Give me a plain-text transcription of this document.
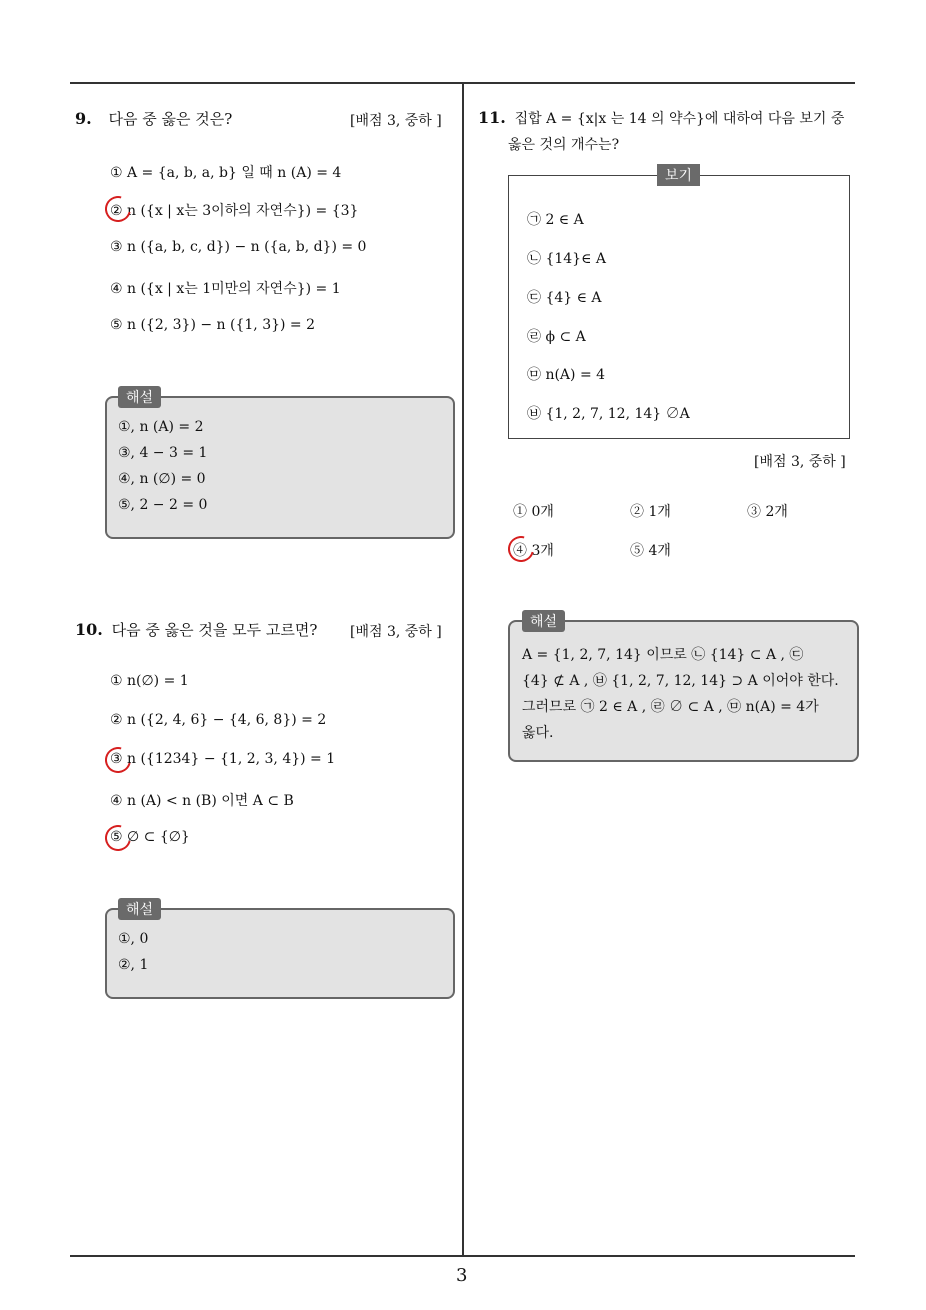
9. 다음 중 옳은 것은?	[배점 3, 중하 ]
① A = {a, b, a, b} 일 때 n (A) = 4
② n ({x | x는 3이하의 자연수}) = {3}
③ n ({a, b, c, d}) − n ({a, b, d}) = 0
④ n ({x | x는 1미만의 자연수}) = 1
⑤ n ({2, 3}) − n ({1, 3}) = 2
해설
①, n (A) = 2
③, 4 − 3 = 1
④, n (∅) = 0
⑤, 2 − 2 = 0
10. 다음 중 옳은 것을 모두 고르면? [배점 3, 중하 ]
① n(∅) = 1
② n ({2, 4, 6} − {4, 6, 8}) = 2
③ n ({1234} − {1, 2, 3, 4}) = 1
④ n (A) < n (B) 이면 A ⊂ B
⑤ ∅ ⊂ {∅}
해설
①, 0
②, 1
11. 집합 A = {x|x 는 14 의 약수}에 대하여 다음 보기 중
옳은 것의 개수는?
보기
㉠ 2 ∈ A
㉡ {14}∈ A
㉢ {4} ∈ A
㉣ ϕ ⊂ A
㉤ n(A) = 4
㉥ {1, 2, 7, 12, 14} ∅A
[배점 3, 중하 ]
① 0개	② 1개	③ 2개
④ 3개	⑤ 4개
해설
A = {1, 2, 7, 14} 이므로 ㉡ {14} ⊂ A , ㉢
{4} ⊄ A , ㉥ {1, 2, 7, 12, 14} ⊃ A 이어야 한다.
그러므로 ㉠ 2 ∈ A , ㉣ ∅ ⊂ A , ㉤ n(A) = 4가
옳다.
3
